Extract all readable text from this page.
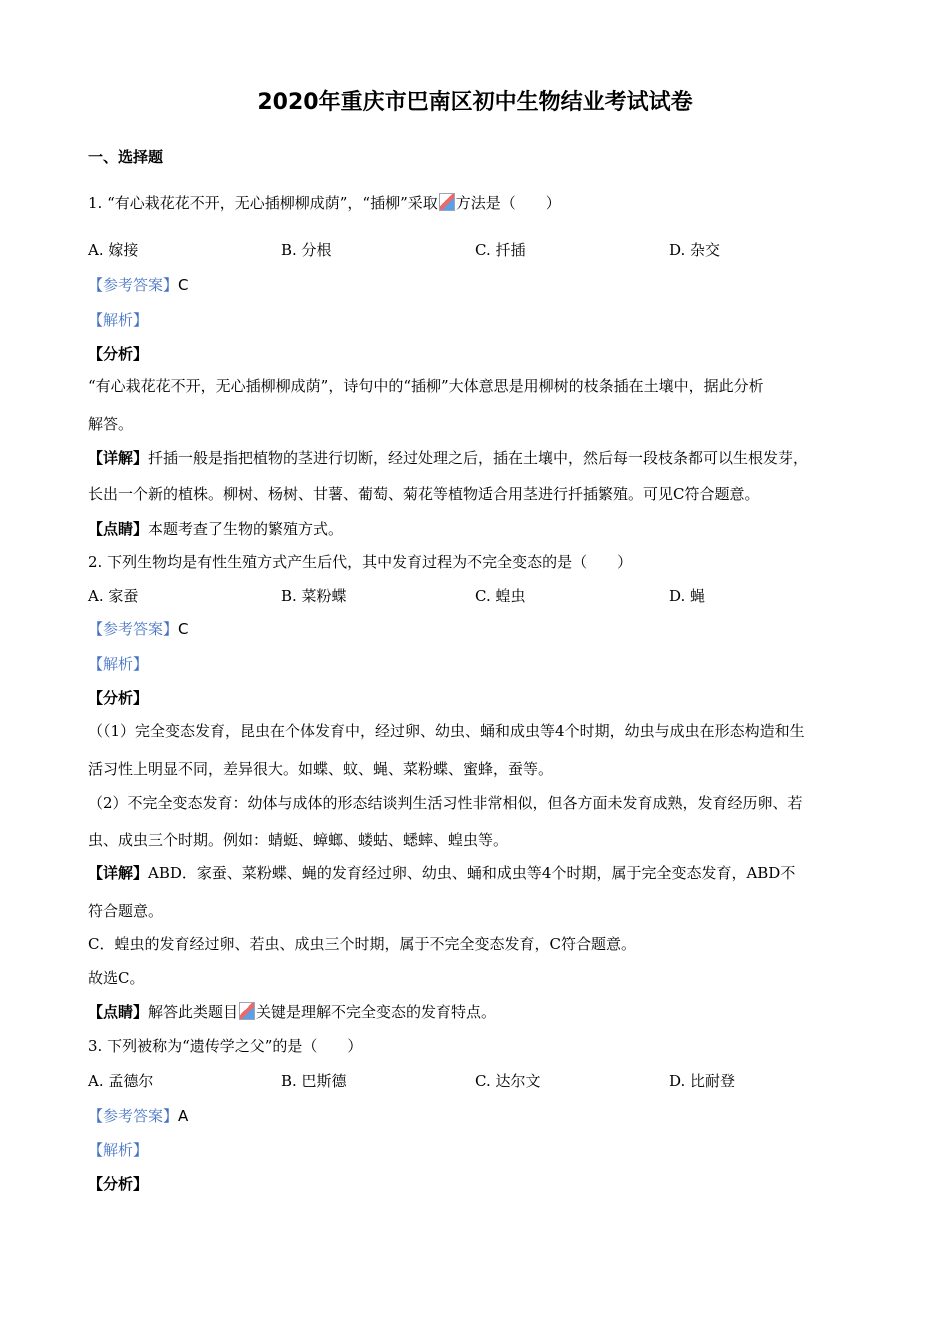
2020年重庆市巴南区初中生物结业考试试卷
一、选择题
1. “有心栽花花不开，无心插柳柳成荫”，“插柳”采取 方法是（　　）
A. 嫁接	B. 分根	C. 扦插	D. 杂交
【参考答案】C
【解析】
【分析】
“有心栽花花不开，无心插柳柳成荫”，诗句中的“插柳”大体意思是用柳树的枝条插在土壤中，据此分析
解答。
【详解】扦插一般是指把植物的茎进行切断，经过处理之后，插在土壤中，然后每一段枝条都可以生根发芽，
长出一个新的植株。柳树、杨树、甘薯、葡萄、菊花等植物适合用茎进行扦插繁殖。可见C符合题意。
【点睛】本题考查了生物的繁殖方式。
2. 下列生物均是有性生殖方式产生后代，其中发育过程为不完全变态的是（　　）
A. 家蚕	B. 菜粉蝶	C. 蝗虫	D. 蝇
【参考答案】C
【解析】
【分析】
（（1）完全变态发育，昆虫在个体发育中，经过卵、幼虫、蛹和成虫等4个时期，幼虫与成虫在形态构造和生
活习性上明显不同，差异很大。如蝶、蚊、蝇、菜粉蝶、蜜蜂，蚕等。
（2）不完全变态发育：幼体与成体的形态结谈判生活习性非常相似，但各方面未发育成熟，发育经历卵、若
虫、成虫三个时期。例如：蜻蜓、蟑螂、蝼蛄、蟋蟀、蝗虫等。
【详解】ABD．家蚕、菜粉蝶、蝇的发育经过卵、幼虫、蛹和成虫等4个时期，属于完全变态发育，ABD不
符合题意。
C．蝗虫的发育经过卵、若虫、成虫三个时期，属于不完全变态发育，C符合题意。
故选C。
【点睛】解答此类题目 关键是理解不完全变态的发育特点。
3. 下列被称为“遗传学之父”的是（　　）
A. 孟德尔	B. 巴斯德	C. 达尔文	D. 比耐登
【参考答案】A
【解析】
【分析】
